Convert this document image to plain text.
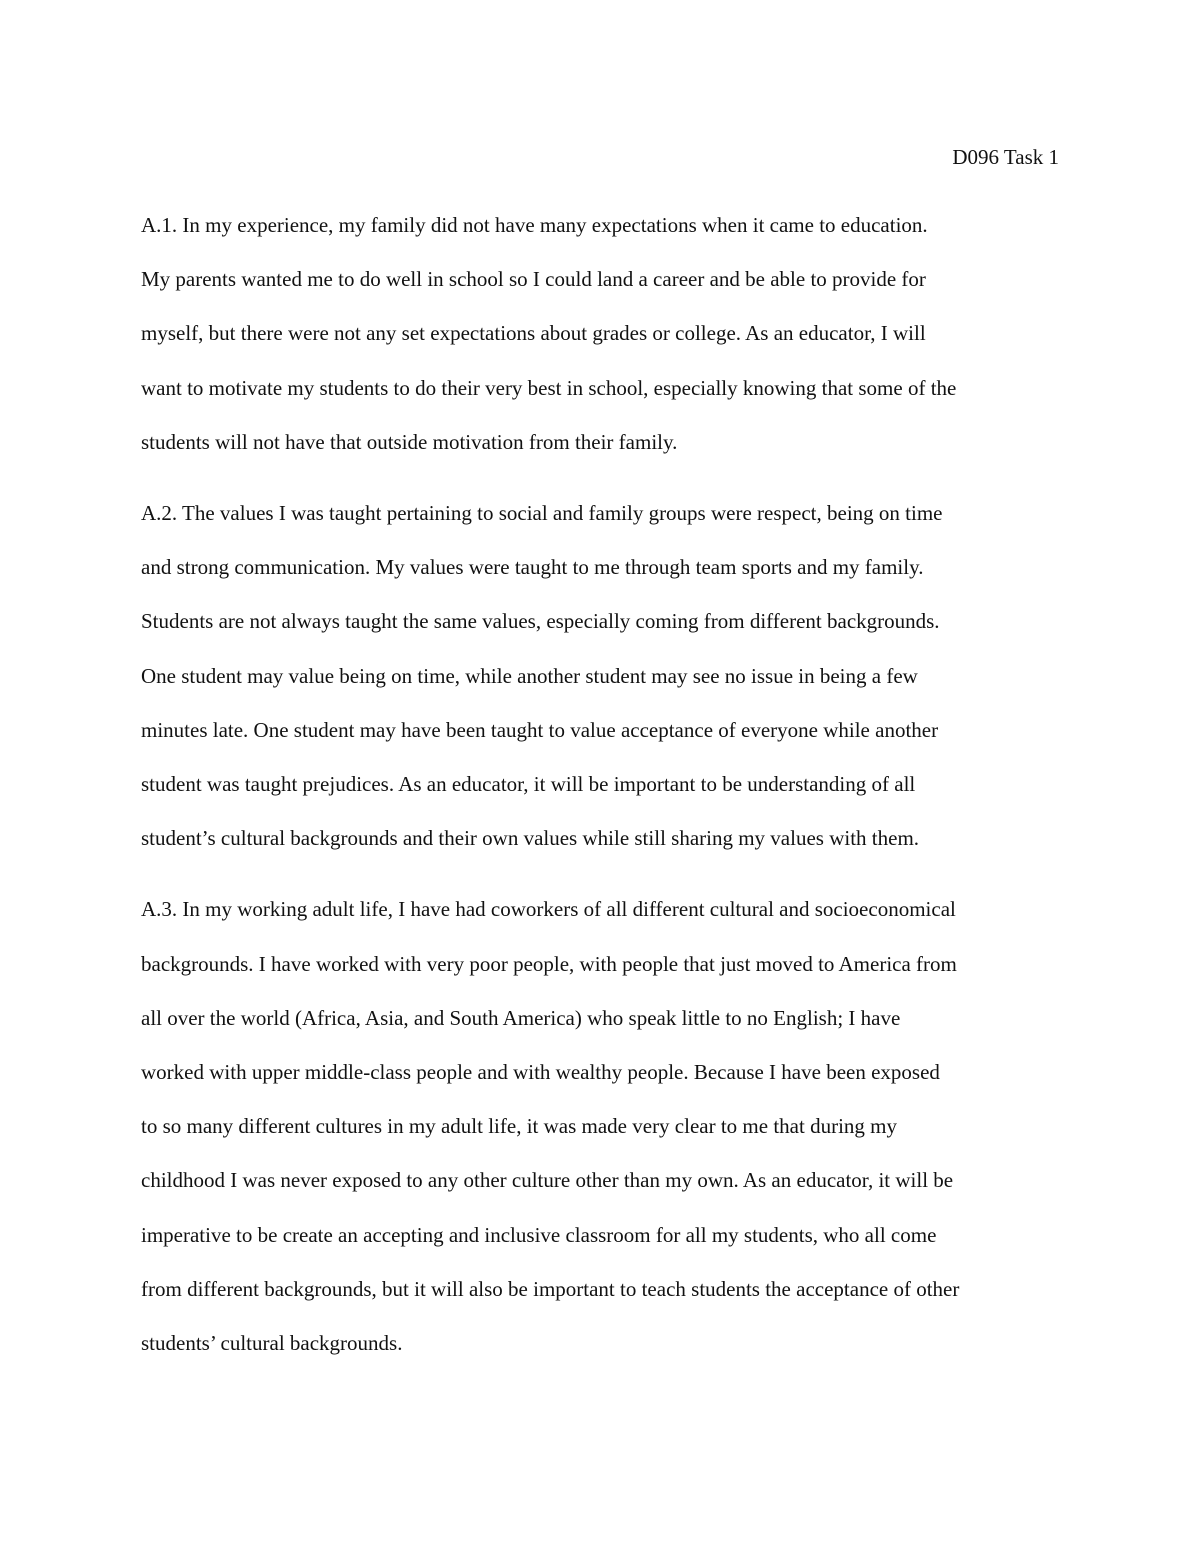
D096 Task 1
A.1. In my experience, my family did not have many expectations when it came to education.
My parents wanted me to do well in school so I could land a career and be able to provide for
myself, but there were not any set expectations about grades or college. As an educator, I will
want to motivate my students to do their very best in school, especially knowing that some of the
students will not have that outside motivation from their family.
A.2. The values I was taught pertaining to social and family groups were respect, being on time
and strong communication. My values were taught to me through team sports and my family.
Students are not always taught the same values, especially coming from different backgrounds.
One student may value being on time, while another student may see no issue in being a few
minutes late. One student may have been taught to value acceptance of everyone while another
student was taught prejudices. As an educator, it will be important to be understanding of all
student’s cultural backgrounds and their own values while still sharing my values with them.
A.3. In my working adult life, I have had coworkers of all different cultural and socioeconomical
backgrounds. I have worked with very poor people, with people that just moved to America from
all over the world (Africa, Asia, and South America) who speak little to no English; I have
worked with upper middle-class people and with wealthy people. Because I have been exposed
to so many different cultures in my adult life, it was made very clear to me that during my
childhood I was never exposed to any other culture other than my own. As an educator, it will be
imperative to be create an accepting and inclusive classroom for all my students, who all come
from different backgrounds, but it will also be important to teach students the acceptance of other
students’ cultural backgrounds.
